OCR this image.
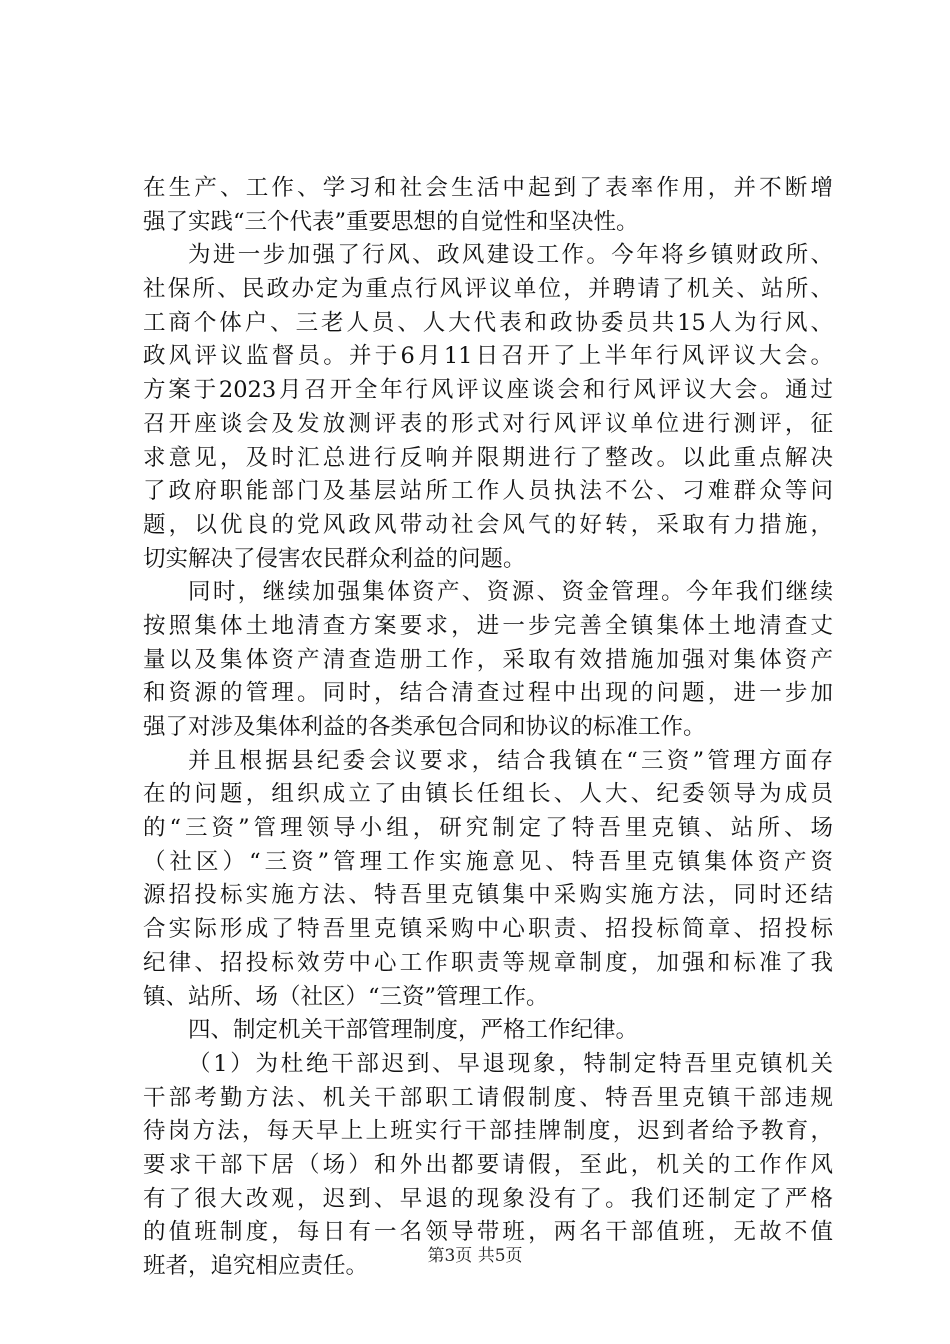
在生产、工作、学习和社会生活中起到了表率作用，并不断增
强了实践“三个代表”重要思想的自觉性和坚决性。
为进一步加强了行风、政风建设工作。今年将乡镇财政所、
社保所、民政办定为重点行风评议单位，并聘请了机关、站所、
工商个体户、三老人员、人大代表和政协委员共15人为行风、
政风评议监督员。并于6月11日召开了上半年行风评议大会。
方案于2023月召开全年行风评议座谈会和行风评议大会。通过
召开座谈会及发放测评表的形式对行风评议单位进行测评，征
求意见，及时汇总进行反响并限期进行了整改。以此重点解决
了政府职能部门及基层站所工作人员执法不公、刁难群众等问
题，以优良的党风政风带动社会风气的好转，采取有力措施，
切实解决了侵害农民群众利益的问题。
同时，继续加强集体资产、资源、资金管理。今年我们继续
按照集体土地清查方案要求，进一步完善全镇集体土地清查丈
量以及集体资产清查造册工作，采取有效措施加强对集体资产
和资源的管理。同时，结合清查过程中出现的问题，进一步加
强了对涉及集体利益的各类承包合同和协议的标准工作。
并且根据县纪委会议要求，结合我镇在“三资”管理方面存
在的问题，组织成立了由镇长任组长、人大、纪委领导为成员
的“三资”管理领导小组，研究制定了特吾里克镇、站所、场
（社区）“三资”管理工作实施意见、特吾里克镇集体资产资
源招投标实施方法、特吾里克镇集中采购实施方法，同时还结
合实际形成了特吾里克镇采购中心职责、招投标简章、招投标
纪律、招投标效劳中心工作职责等规章制度，加强和标准了我
镇、站所、场（社区）“三资”管理工作。
四、制定机关干部管理制度，严格工作纪律。
（1）为杜绝干部迟到、早退现象，特制定特吾里克镇机关
干部考勤方法、机关干部职工请假制度、特吾里克镇干部违规
待岗方法，每天早上上班实行干部挂牌制度，迟到者给予教育，
要求干部下居（场）和外出都要请假，至此，机关的工作作风
有了很大改观，迟到、早退的现象没有了。我们还制定了严格
的值班制度，每日有一名领导带班，两名干部值班，无故不值
班者，追究相应责任。	第3页 共5页
